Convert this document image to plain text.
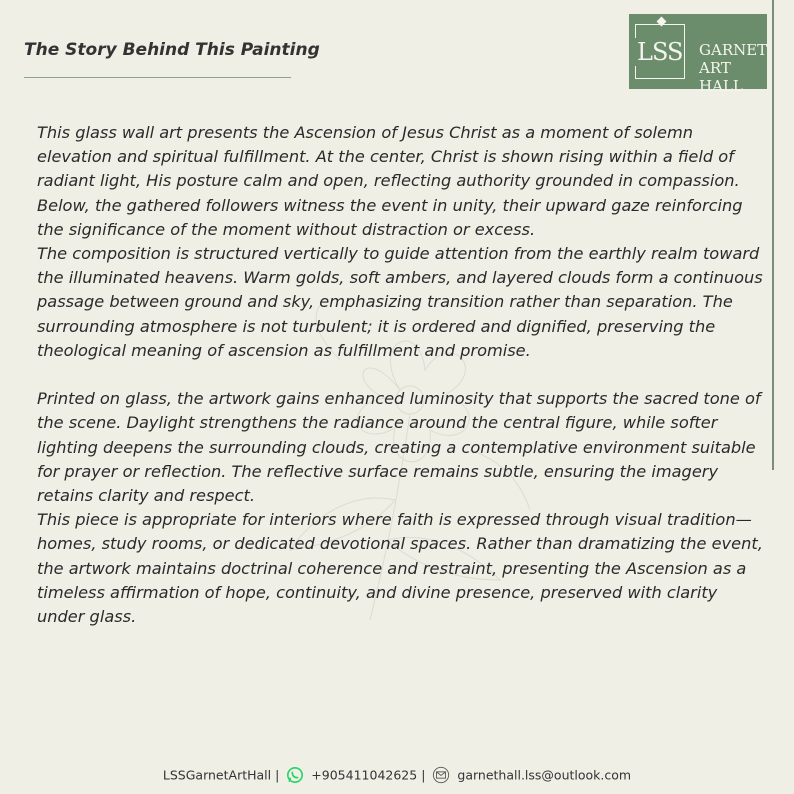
The Story Behind This Painting	LSS GARNET
ART HALL

This glass wall art presents the Ascension of Jesus Christ as a moment of solemn elevation and spiritual fulfillment. At the center, Christ is shown rising within a field of radiant light, His posture calm and open, reflecting authority grounded in compassion. Below, the gathered followers witness the event in unity, their upward gaze reinforcing the significance of the moment without distraction or excess.

The composition is structured vertically to guide attention from the earthly realm toward the illuminated heavens. Warm golds, soft ambers, and layered clouds form a continuous passage between ground and sky, emphasizing transition rather than separation. The surrounding atmosphere is not turbulent; it is ordered and dignified, preserving the theological meaning of ascension as fulfillment and promise.

Printed on glass, the artwork gains enhanced luminosity that supports the sacred tone of the scene. Daylight strengthens the radiance around the central figure, while softer lighting deepens the surrounding clouds, creating a contemplative environment suitable for prayer or reflection. The reflective surface remains subtle, ensuring the imagery retains clarity and respect.

This piece is appropriate for interiors where faith is expressed through visual tradition—homes, study rooms, or dedicated devotional spaces. Rather than dramatizing the event, the artwork maintains doctrinal coherence and restraint, presenting the Ascension as a timeless affirmation of hope, continuity, and divine presence, preserved with clarity under glass.

LSSGarnetArtHall |	+905411042625 |	garnethall.lss@outlook.com
